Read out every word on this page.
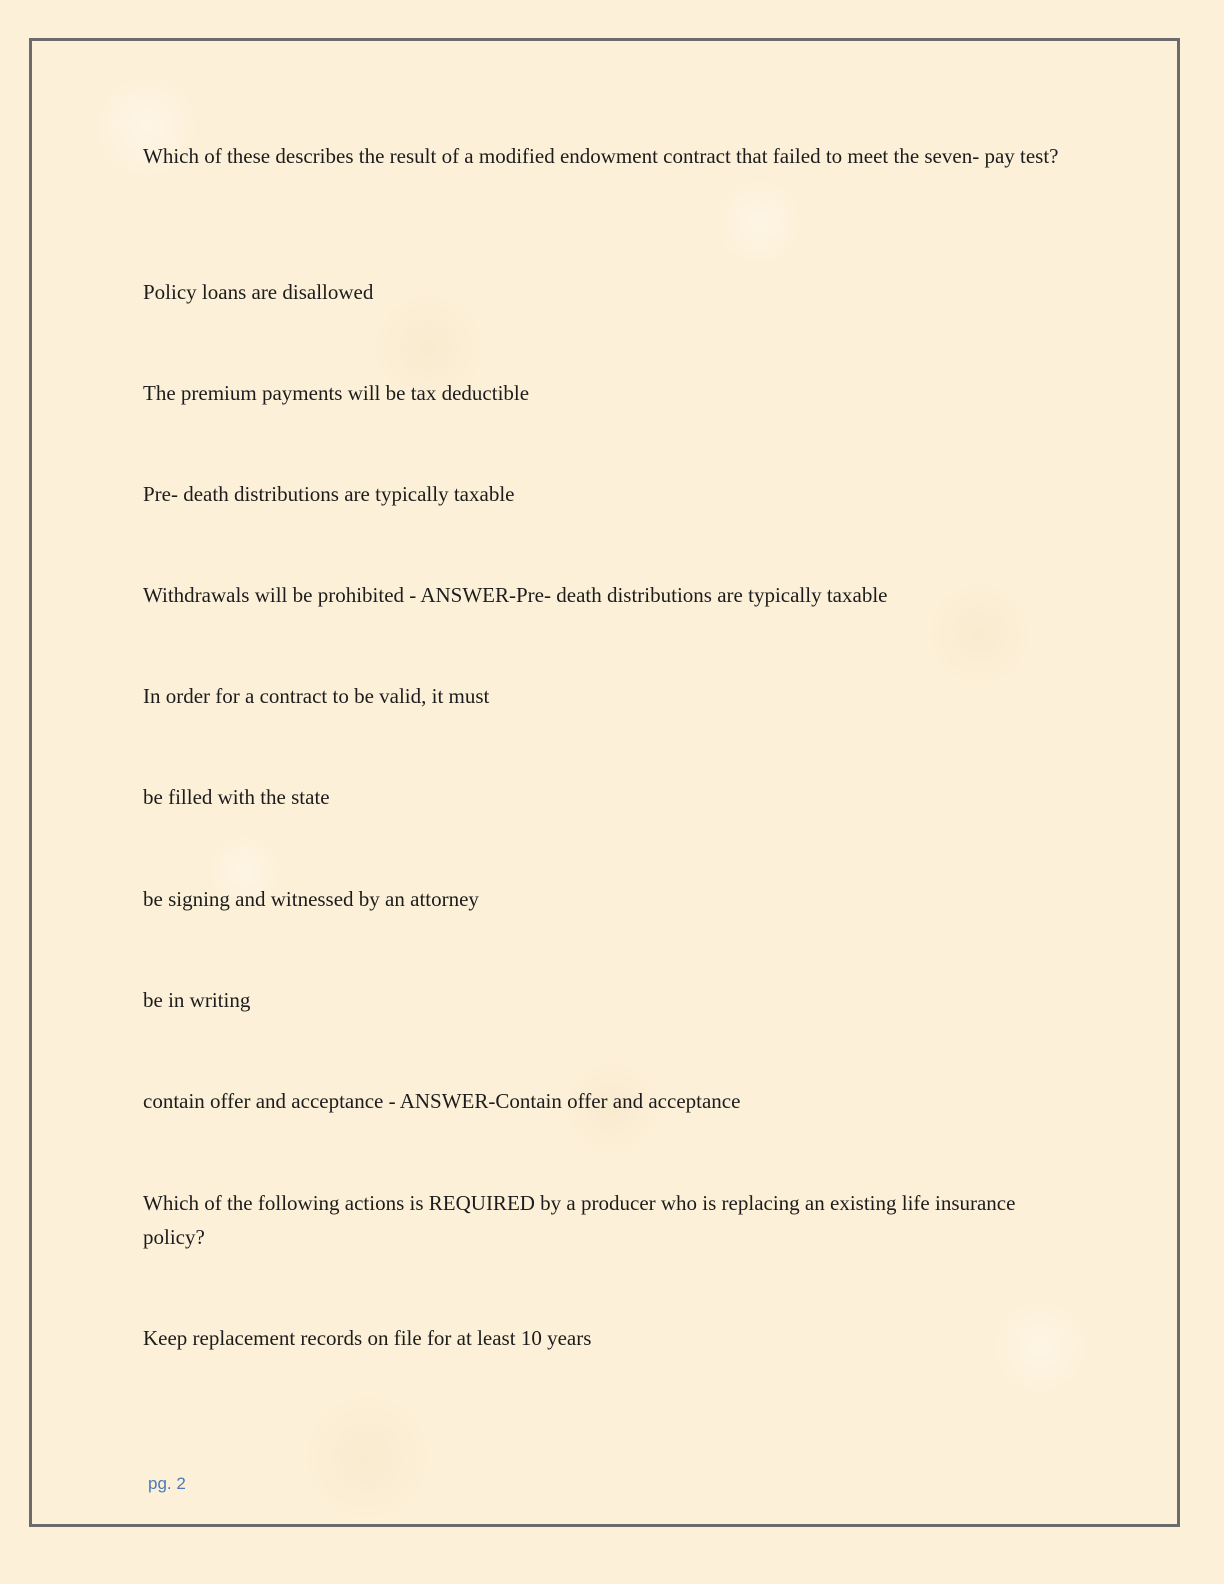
Which of these describes the result of a modified endowment contract that failed to meet the seven- pay test?

Policy loans are disallowed

The premium payments will be tax deductible

Pre- death distributions are typically taxable

Withdrawals will be prohibited - ANSWER-Pre- death distributions are typically taxable

In order for a contract to be valid, it must

be filled with the state

be signing and witnessed by an attorney

be in writing

contain offer and acceptance - ANSWER-Contain offer and acceptance

Which of the following actions is REQUIRED by a producer who is replacing an existing life insurance policy?

Keep replacement records on file for at least 10 years

pg. 2
